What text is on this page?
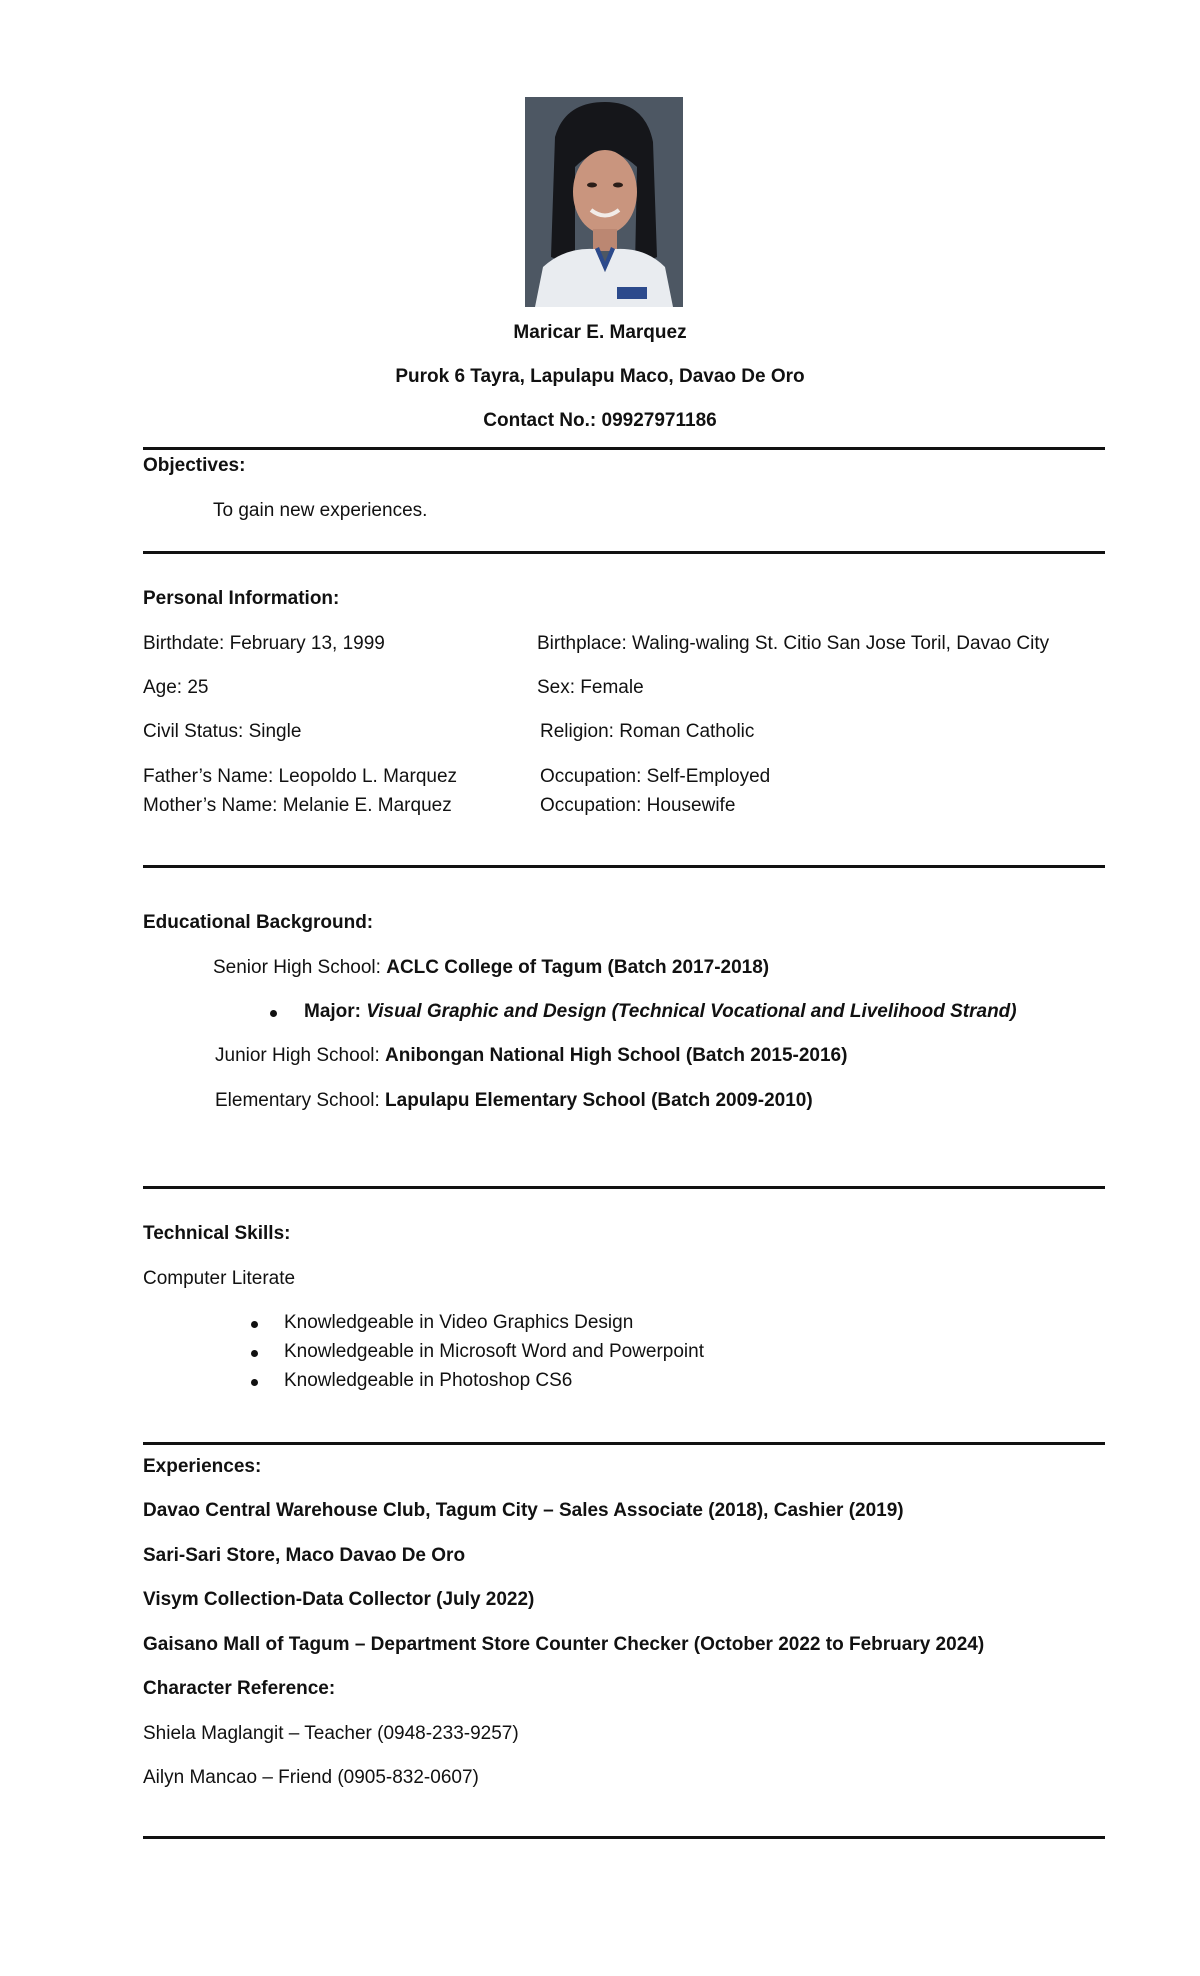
Maricar E. Marquez
Purok 6 Tayra, Lapulapu Maco, Davao De Oro
Contact No.: 09927971186
Objectives:
To gain new experiences.
Personal Information:
Birthdate: February 13, 1999	Birthplace: Waling-waling St. Citio San Jose Toril, Davao City
Age: 25	Sex: Female
Civil Status: Single	Religion: Roman Catholic
Father’s Name: Leopoldo L. Marquez	Occupation: Self-Employed
Mother’s Name: Melanie E. Marquez	Occupation: Housewife
Educational Background:
Senior High School: ACLC College of Tagum (Batch 2017-2018)
Major: Visual Graphic and Design (Technical Vocational and Livelihood Strand)
Junior High School: Anibongan National High School (Batch 2015-2016)
Elementary School: Lapulapu Elementary School (Batch 2009-2010)
Technical Skills:
Computer Literate
Knowledgeable in Video Graphics Design
Knowledgeable in Microsoft Word and Powerpoint
Knowledgeable in Photoshop CS6
Experiences:
Davao Central Warehouse Club, Tagum City – Sales Associate (2018), Cashier (2019)
Sari-Sari Store, Maco Davao De Oro
Visym Collection-Data Collector (July 2022)
Gaisano Mall of Tagum – Department Store Counter Checker (October 2022 to February 2024)
Character Reference:
Shiela Maglangit – Teacher (0948-233-9257)
Ailyn Mancao – Friend (0905-832-0607)
